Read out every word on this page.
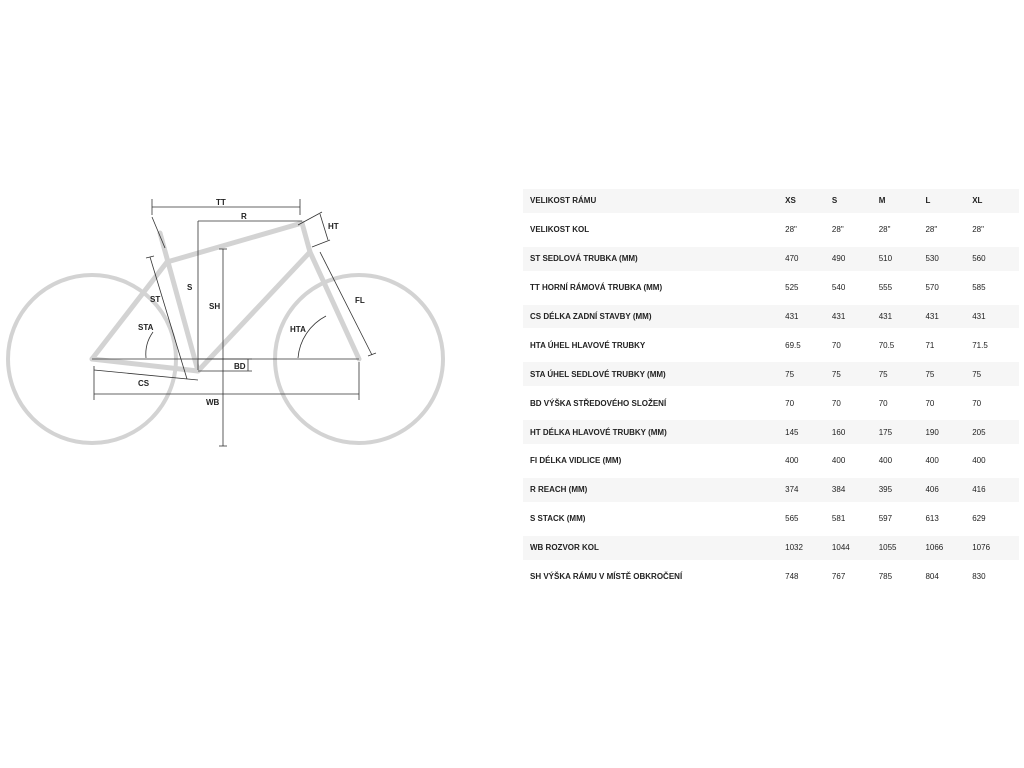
TT
R
HT
ST
S
SH
FL
STA	HTA
BD
CS
WB
VELIKOST RÁMU	XS	S	M	L	XL
VELIKOST KOL	28"	28"	28"	28"	28"
ST SEDLOVÁ TRUBKA (MM)	470	490	510	530	560
TT HORNÍ RÁMOVÁ TRUBKA (MM)	525	540	555	570	585
CS DÉLKA ZADNÍ STAVBY (MM)	431	431	431	431	431
HTA ÚHEL HLAVOVÉ TRUBKY	69.5	70	70.5	71	71.5
STA ÚHEL SEDLOVÉ TRUBKY (MM)	75	75	75	75	75
BD VÝŠKA STŘEDOVÉHO SLOŽENÍ	70	70	70	70	70
HT DÉLKA HLAVOVÉ TRUBKY (MM)	145	160	175	190	205
FI DÉLKA VIDLICE (MM)	400	400	400	400	400
R REACH (MM)	374	384	395	406	416
S STACK (MM)	565	581	597	613	629
WB ROZVOR KOL	1032	1044	1055	1066	1076
SH VÝŠKA RÁMU V MÍSTĚ OBKROČENÍ	748	767	785	804	830
